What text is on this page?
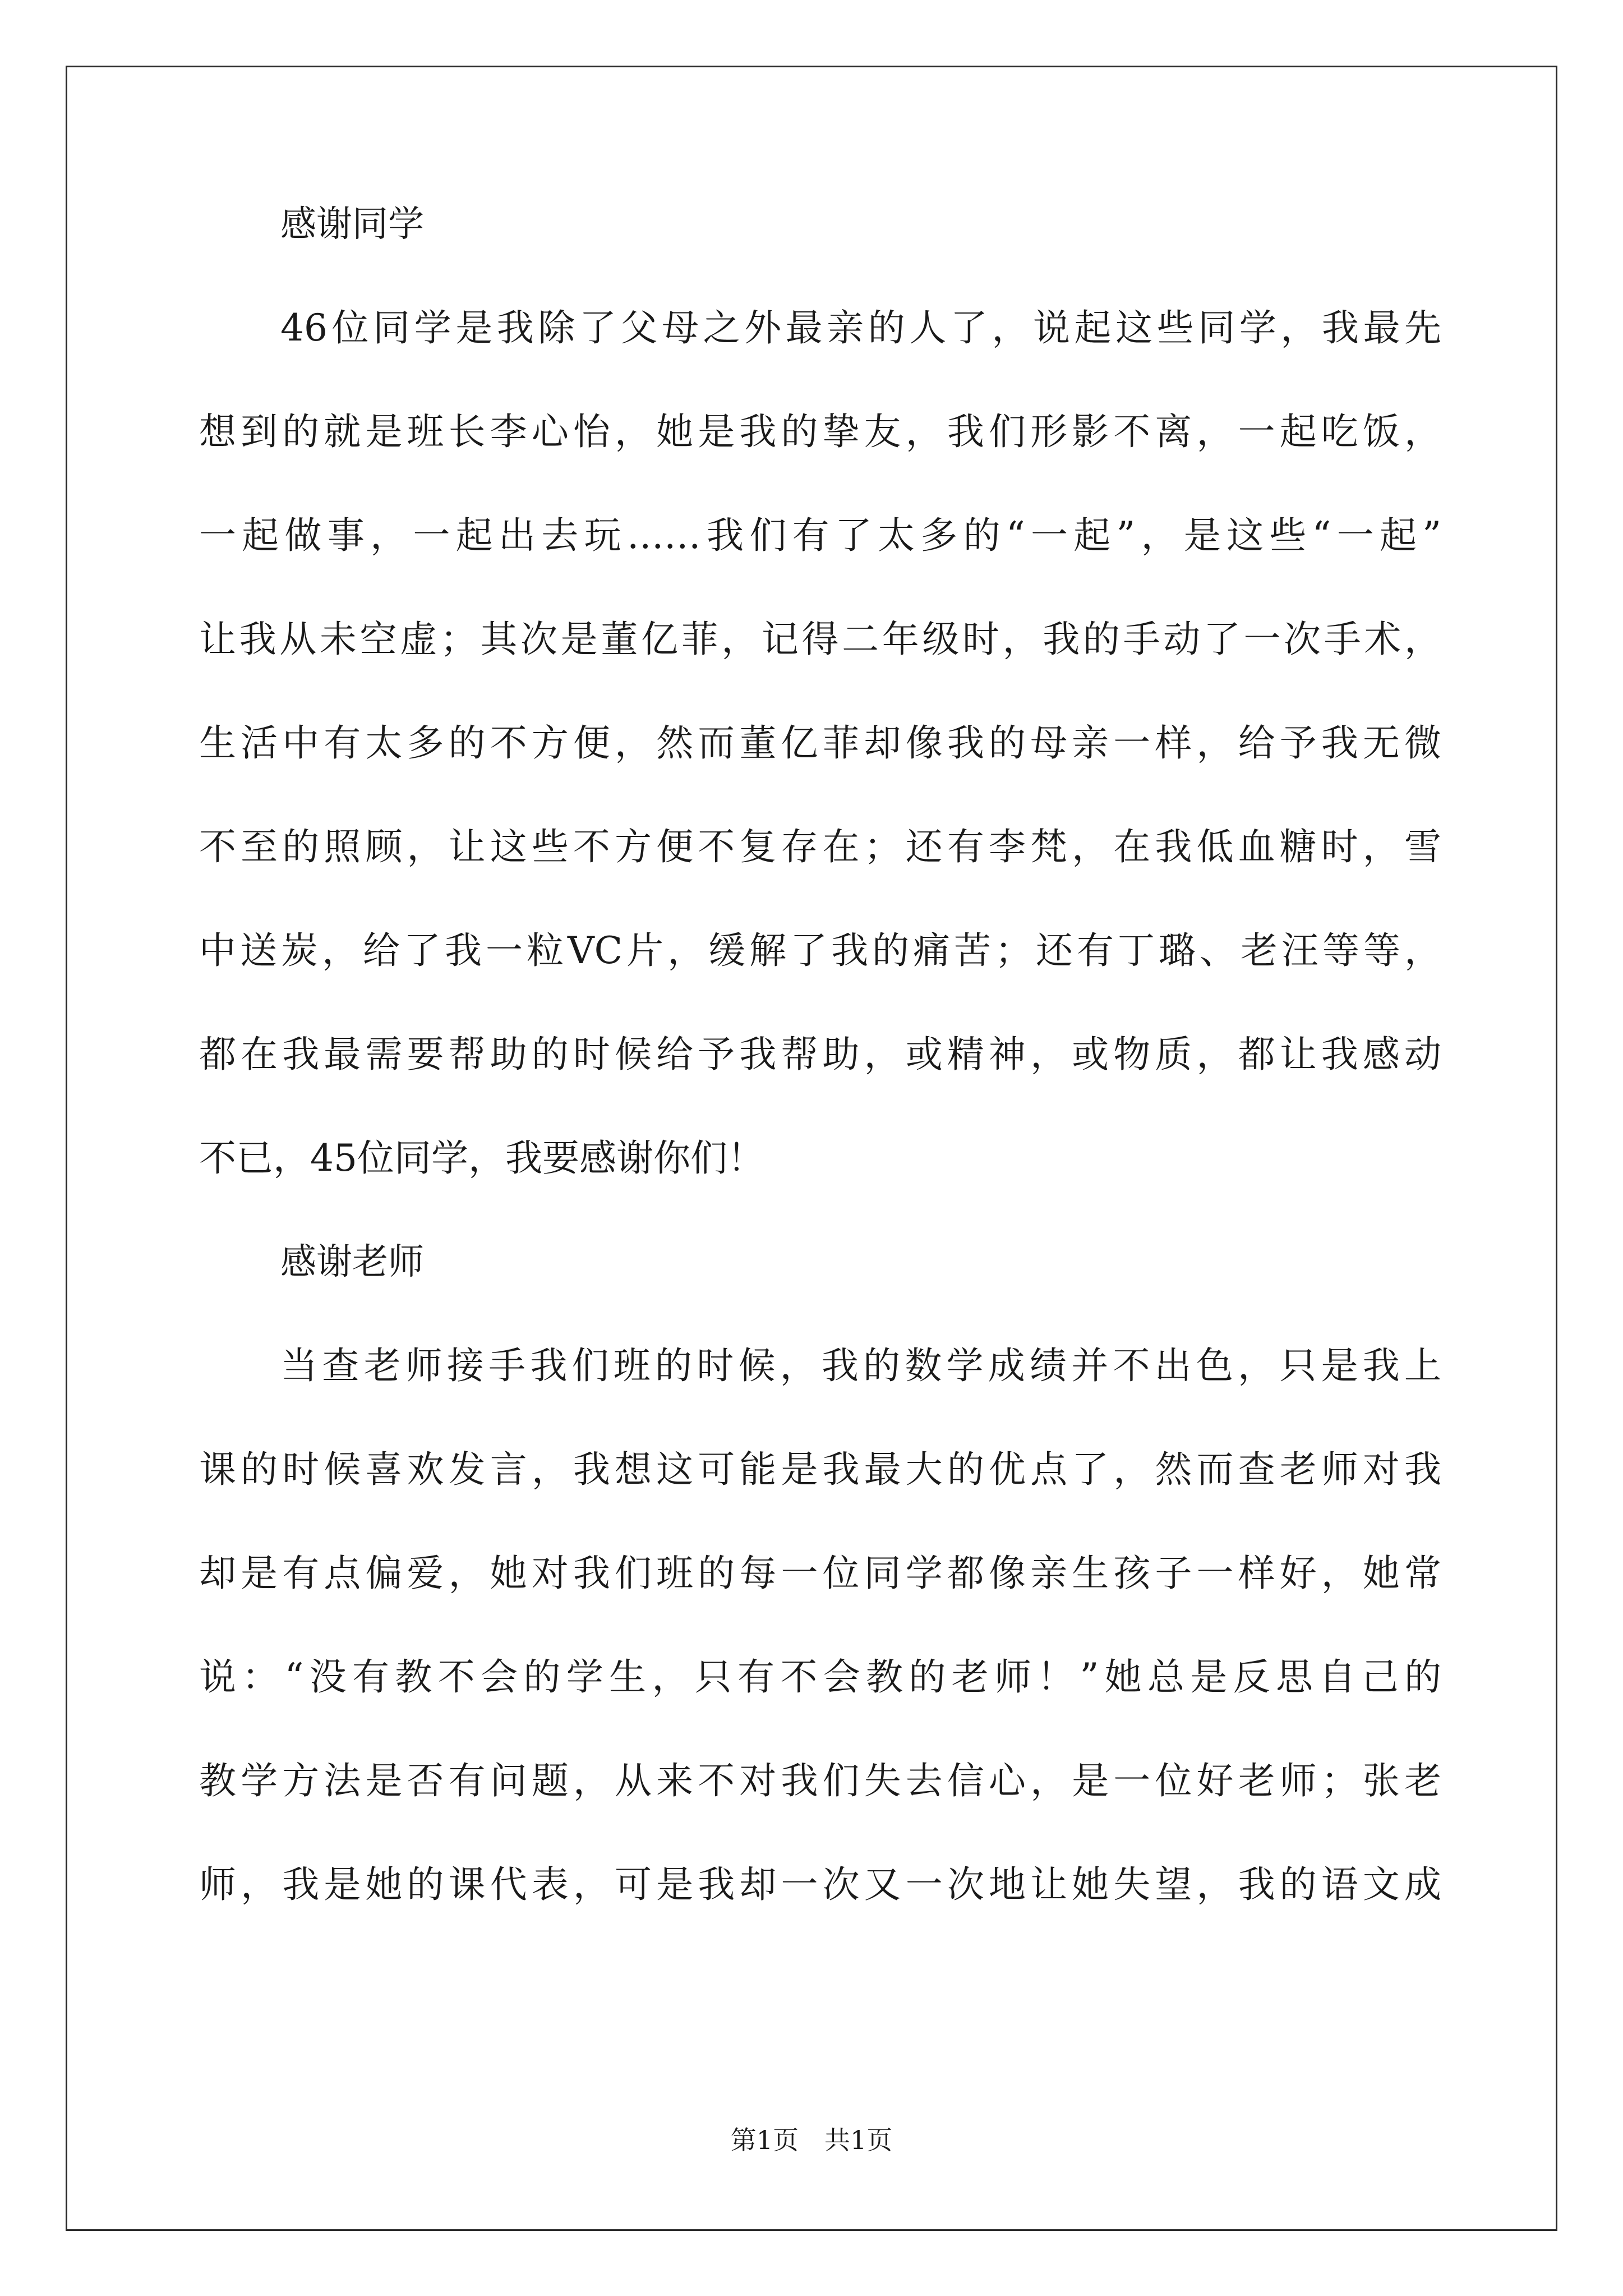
感谢同学

46位同学是我除了父母之外最亲的人了，说起这些同学，我最先
想到的就是班长李心怡，她是我的挚友，我们形影不离，一起吃饭，
一起做事，一起出去玩……我们有了太多的“一起”，是这些“一起”
让我从未空虚；其次是董亿菲，记得二年级时，我的手动了一次手术，
生活中有太多的不方便，然而董亿菲却像我的母亲一样，给予我无微
不至的照顾，让这些不方便不复存在；还有李梵，在我低血糖时，雪
中送炭，给了我一粒VC片，缓解了我的痛苦；还有丁璐、老汪等等，
都在我最需要帮助的时候给予我帮助，或精神，或物质，都让我感动
不已，45位同学，我要感谢你们！

感谢老师

当查老师接手我们班的时候，我的数学成绩并不出色，只是我上
课的时候喜欢发言，我想这可能是我最大的优点了，然而查老师对我
却是有点偏爱，她对我们班的每一位同学都像亲生孩子一样好，她常
说：“没有教不会的学生，只有不会教的老师！”她总是反思自己的
教学方法是否有问题，从来不对我们失去信心，是一位好老师；张老
师，我是她的课代表，可是我却一次又一次地让她失望，我的语文成

第1页　共1页
